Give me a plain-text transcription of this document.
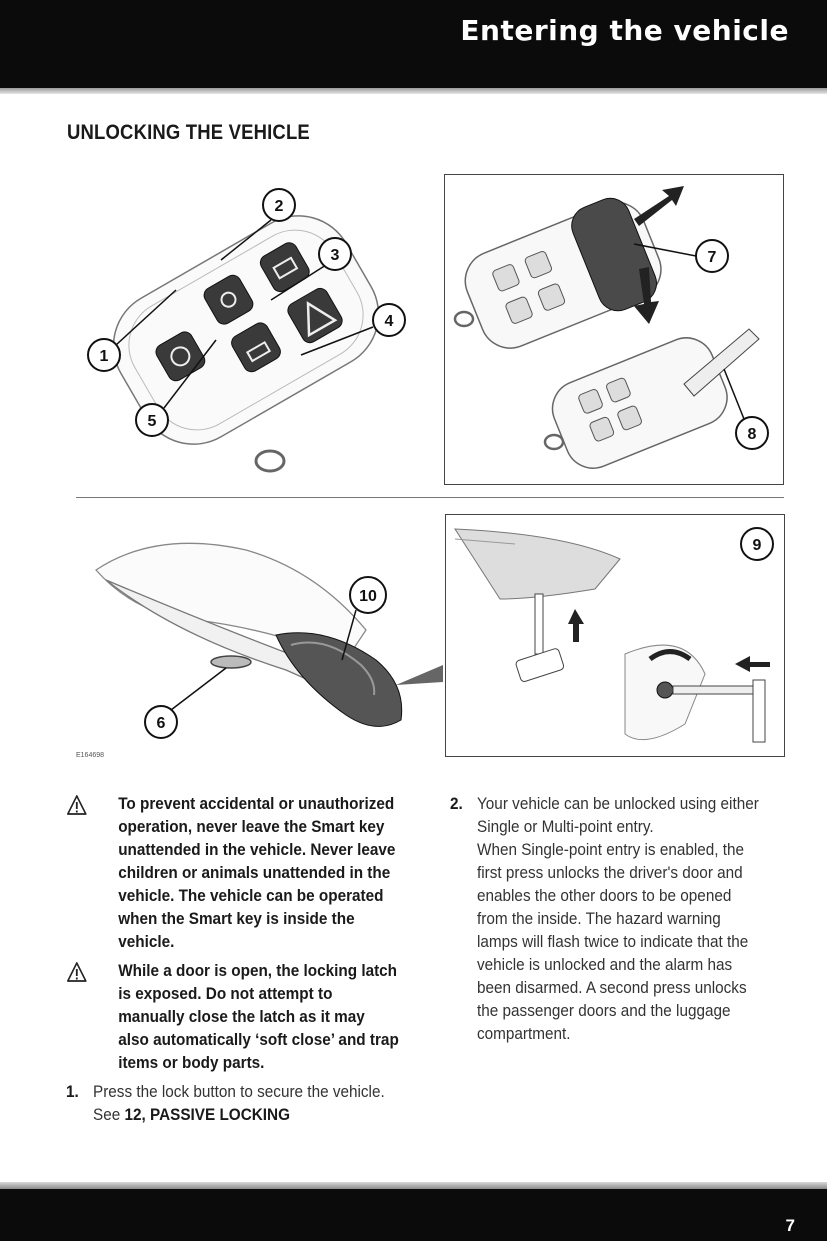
Entering the vehicle
UNLOCKING THE VEHICLE
1
2
3
4
5
7
8
6
10
9
E164698
To prevent accidental or unauthorized operation, never leave the Smart key unattended in the vehicle. Never leave children or animals unattended in the vehicle. The vehicle can be operated when the Smart key is inside the vehicle.
While a door is open, the locking latch is exposed. Do not attempt to manually close the latch as it may also automatically ‘soft close’ and trap items or body parts.
1. Press the lock button to secure the vehicle.

See 12, PASSIVE LOCKING

2. Your vehicle can be unlocked using either Single or Multi-point entry.

When Single-point entry is enabled, the first press unlocks the driver's door and enables the other doors to be opened from the inside. The hazard warning lamps will flash twice to indicate that the vehicle is unlocked and the alarm has been disarmed. A second press unlocks the passenger doors and the luggage compartment.

7
